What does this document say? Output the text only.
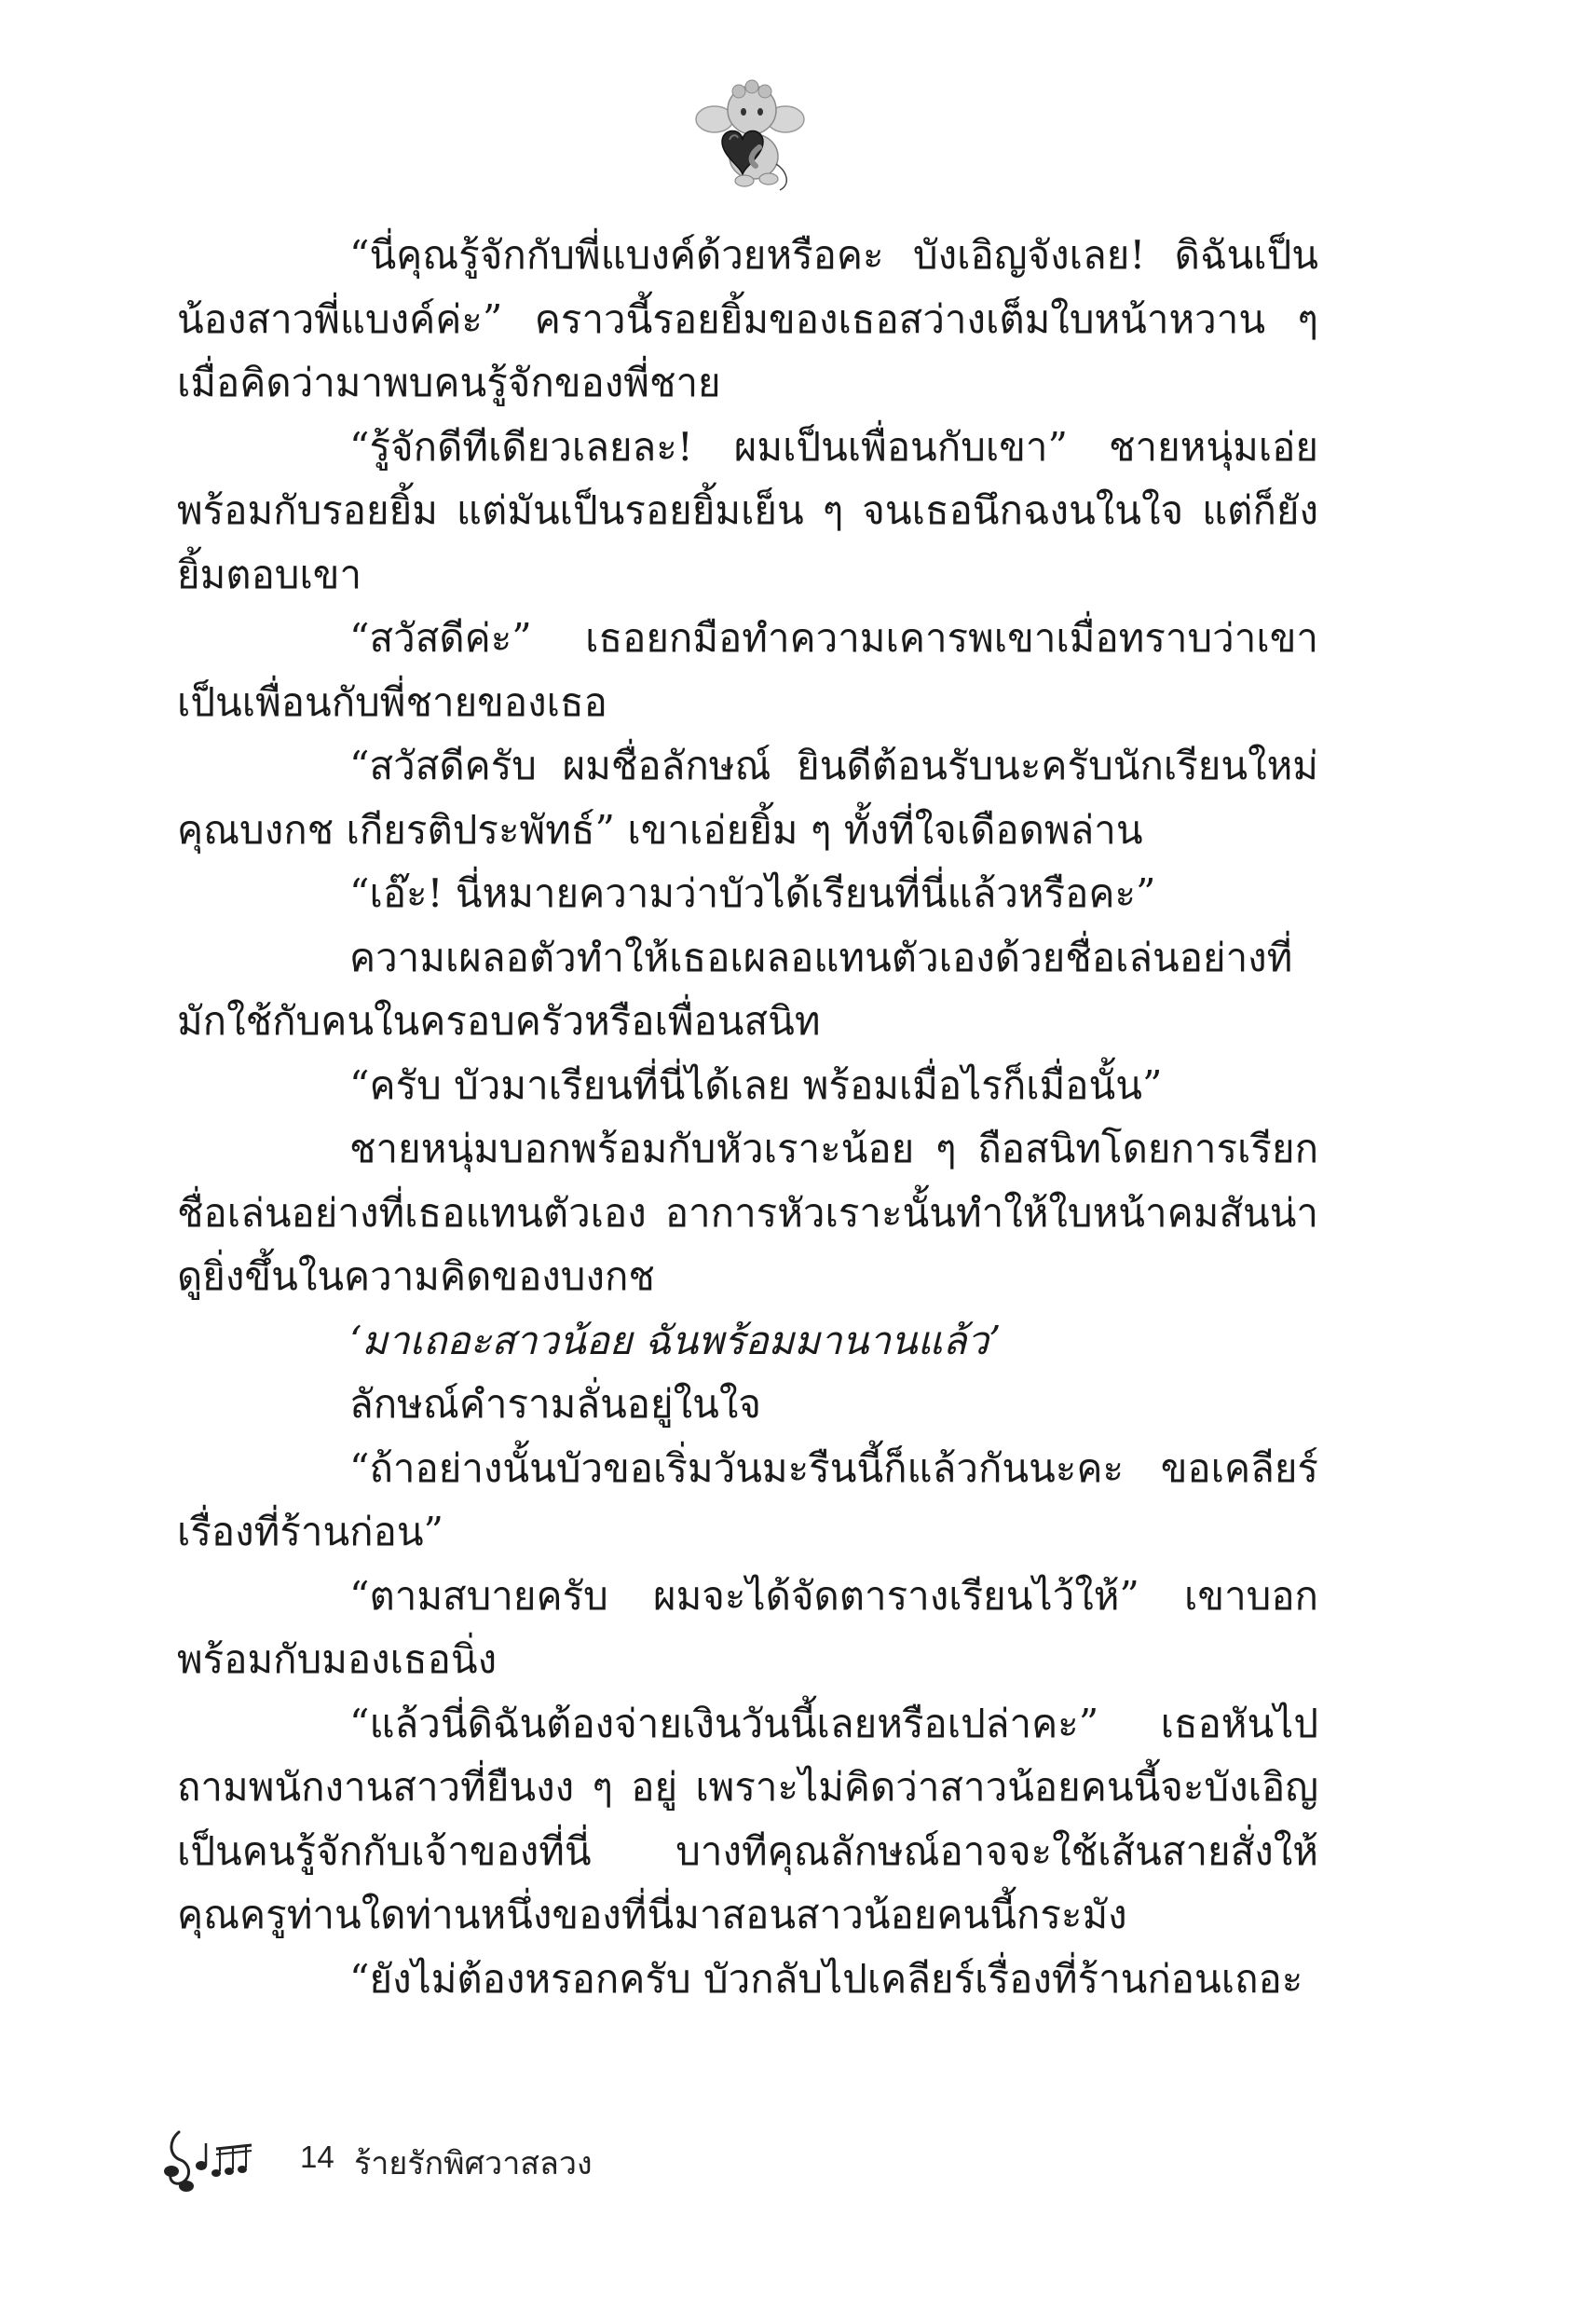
“นี่คุณรู้จักกับพี่แบงค์ด้วยหรือคะ บังเอิญจังเลย! ดิฉันเป็นน้องสาวพี่แบงค์ค่ะ” คราวนี้รอยยิ้มของเธอสว่างเต็มใบหน้าหวาน ๆ เมื่อคิดว่ามาพบคนรู้จักของพี่ชาย

“รู้จักดีทีเดียวเลยละ! ผมเป็นเพื่อนกับเขา” ชายหนุ่มเอ่ยพร้อมกับรอยยิ้ม แต่มันเป็นรอยยิ้มเย็น ๆ จนเธอนึกฉงนในใจ แต่ก็ยังยิ้มตอบเขา

“สวัสดีค่ะ” เธอยกมือทำความเคารพเขาเมื่อทราบว่าเขาเป็นเพื่อนกับพี่ชายของเธอ

“สวัสดีครับ ผมชื่อลักษณ์ ยินดีต้อนรับนะครับนักเรียนใหม่คุณบงกช เกียรติประพัทธ์” เขาเอ่ยยิ้ม ๆ ทั้งที่ใจเดือดพล่าน

“เอ๊ะ! นี่หมายความว่าบัวได้เรียนที่นี่แล้วหรือคะ”

ความเผลอตัวทำให้เธอเผลอแทนตัวเองด้วยชื่อเล่นอย่างที่มักใช้กับคนในครอบครัวหรือเพื่อนสนิท

“ครับ บัวมาเรียนที่นี่ได้เลย พร้อมเมื่อไรก็เมื่อนั้น”

ชายหนุ่มบอกพร้อมกับหัวเราะน้อย ๆ ถือสนิทโดยการเรียกชื่อเล่นอย่างที่เธอแทนตัวเอง อาการหัวเราะนั้นทำให้ใบหน้าคมสันน่าดูยิ่งขึ้นในความคิดของบงกช

‘มาเถอะสาวน้อย ฉันพร้อมมานานแล้ว’

ลักษณ์คำรามลั่นอยู่ในใจ

“ถ้าอย่างนั้นบัวขอเริ่มวันมะรืนนี้ก็แล้วกันนะคะ ขอเคลียร์เรื่องที่ร้านก่อน”

“ตามสบายครับ ผมจะได้จัดตารางเรียนไว้ให้” เขาบอกพร้อมกับมองเธอนิ่ง

“แล้วนี่ดิฉันต้องจ่ายเงินวันนี้เลยหรือเปล่าคะ” เธอหันไปถามพนักงานสาวที่ยืนงง ๆ อยู่ เพราะไม่คิดว่าสาวน้อยคนนี้จะบังเอิญเป็นคนรู้จักกับเจ้าของที่นี่ บางทีคุณลักษณ์อาจจะใช้เส้นสายสั่งให้คุณครูท่านใดท่านหนึ่งของที่นี่มาสอนสาวน้อยคนนี้กระมัง

“ยังไม่ต้องหรอกครับ บัวกลับไปเคลียร์เรื่องที่ร้านก่อนเถอะ

14 ร้ายรักพิศวาสลวง
